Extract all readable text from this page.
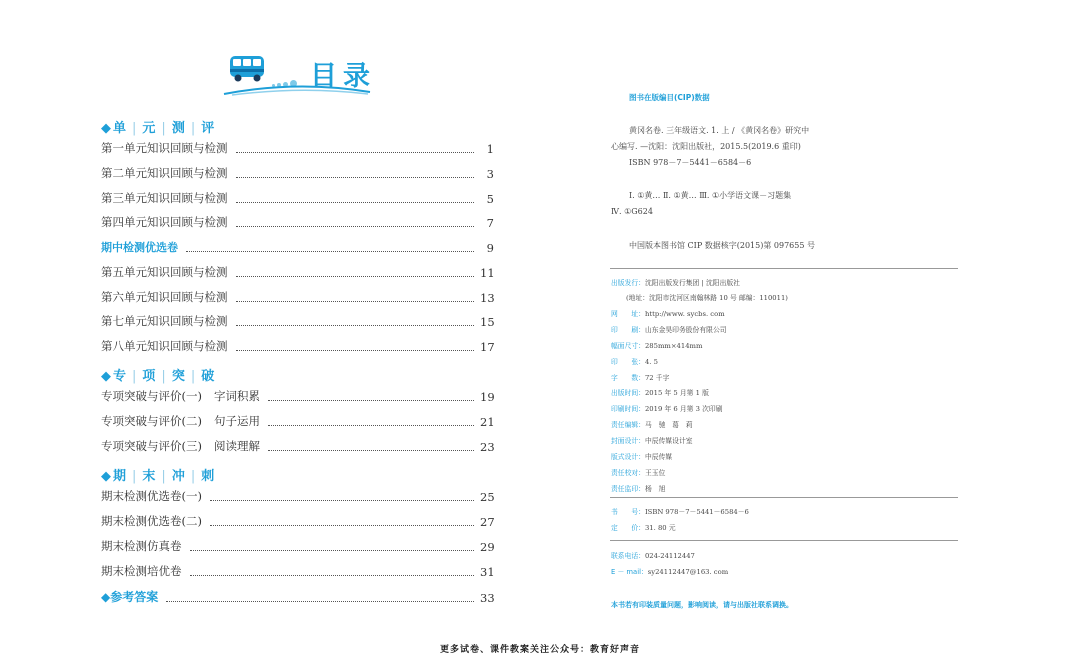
目录
◆ 单 | 元 | 测 | 评
第一单元知识回顾与检测	1
第二单元知识回顾与检测	3
第三单元知识回顾与检测	5
第四单元知识回顾与检测	7
期中检测优选卷	9
第五单元知识回顾与检测	11
第六单元知识回顾与检测	13
第七单元知识回顾与检测	15
第八单元知识回顾与检测	17
◆ 专 | 项 | 突 | 破
专项突破与评价(一) 字词积累	19
专项突破与评价(二) 句子运用	21
专项突破与评价(三) 阅读理解	23
◆ 期 | 末 | 冲 | 刺
期末检测优选卷(一)	25
期末检测优选卷(二)	27
期末检测仿真卷	29
期末检测培优卷	31
◆参考答案	33
图书在版编目(CIP)数据
黄冈名卷. 三年级语文. 1. 上 / 《黄冈名卷》研究中
心编写. —沈阳：沈阳出版社，2015.5(2019.6 重印)
ISBN 978－7－5441－6584－6
Ⅰ. ①黄… Ⅱ. ①黄… Ⅲ. ①小学语文课－习题集
Ⅳ. ①G624
中国版本图书馆 CIP 数据核字(2015)第 097655 号
出版发行：沈阳出版发行集团 | 沈阳出版社
(地址：沈阳市沈河区南翰林路 10 号 邮编：110011)
网　　址：http://www. sycbs. com
印　　刷：山东金昊印务股份有限公司
幅面尺寸：285mm×414mm
印　　张：4. 5
字　　数：72 千字
出版时间：2015 年 5 月第 1 版
印刷时间：2019 年 6 月第 3 次印刷
责任编辑：马　驰　葛　莉
封面设计：中辰传媒设计室
版式设计：中辰传媒
责任校对：王玉位
责任监印：杨　旭
书　　号：ISBN 978－7－5441－6584－6
定　　价：31. 80 元
联系电话：024-24112447
E － mail：sy24112447@163. com
本书若有印装质量问题，影响阅读，请与出版社联系调换。
更多试卷、课件教案关注公众号：教育好声音
